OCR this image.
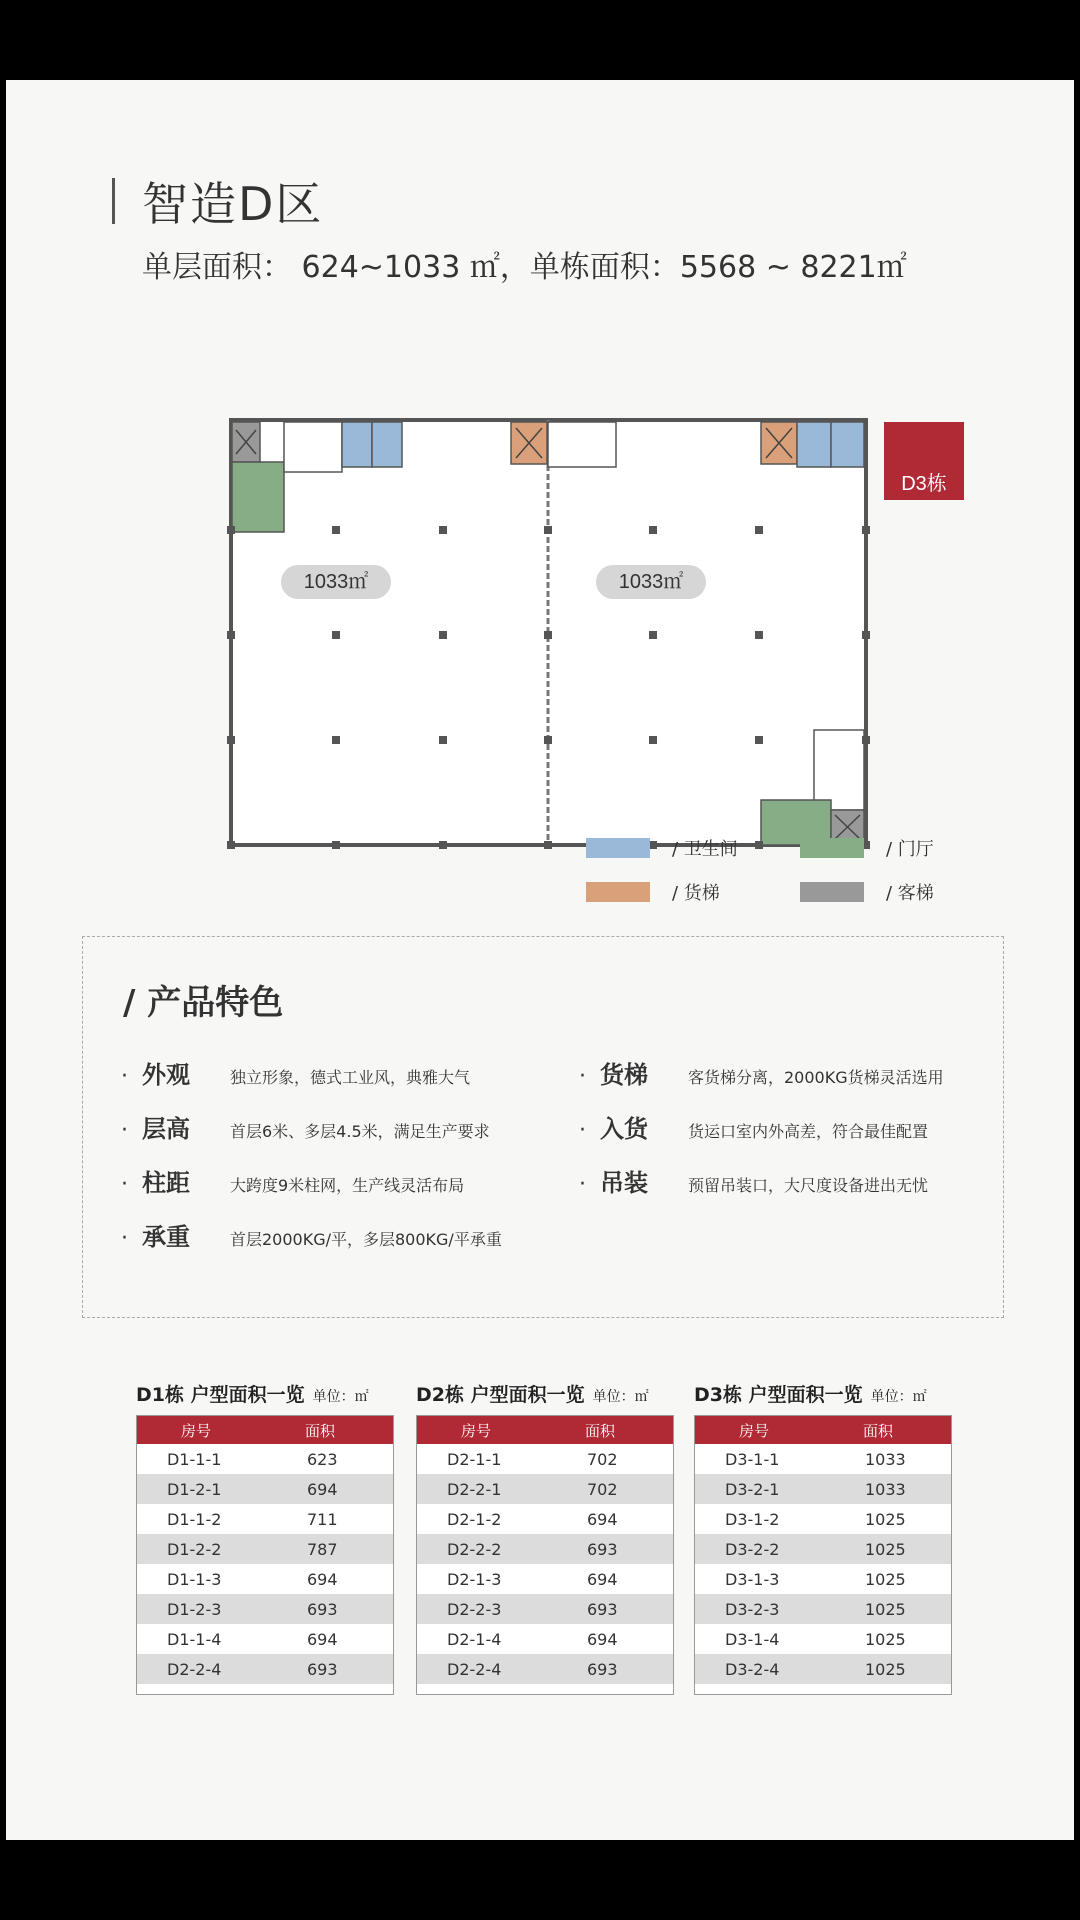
智造D区
单层面积： 624~1033 ㎡，单栋面积：5568 ~ 8221㎡
1033㎡	1033㎡
D3栋
/ 卫生间	/ 门厅
/ 货梯	/ 客梯
/ 产品特色
· 外观	独立形象，德式工业风，典雅大气
· 层高	首层6米、多层4.5米，满足生产要求
· 柱距	大跨度9米柱网，生产线灵活布局
· 承重	首层2000KG/平，多层800KG/平承重
· 货梯	客货梯分离，2000KG货梯灵活选用
· 入货	货运口室内外高差，符合最佳配置
· 吊装	预留吊装口，大尺度设备进出无忧
D1栋 户型面积一览 单位：㎡
房号	面积
D1-1-1	623
D1-2-1	694
D1-1-2	711
D1-2-2	787
D1-1-3	694
D1-2-3	693
D1-1-4	694
D2-2-4	693
D2栋 户型面积一览 单位：㎡
房号	面积
D2-1-1	702
D2-2-1	702
D2-1-2	694
D2-2-2	693
D2-1-3	694
D2-2-3	693
D2-1-4	694
D2-2-4	693
D3栋 户型面积一览 单位：㎡
房号	面积
D3-1-1	1033
D3-2-1	1033
D3-1-2	1025
D3-2-2	1025
D3-1-3	1025
D3-2-3	1025
D3-1-4	1025
D3-2-4	1025
